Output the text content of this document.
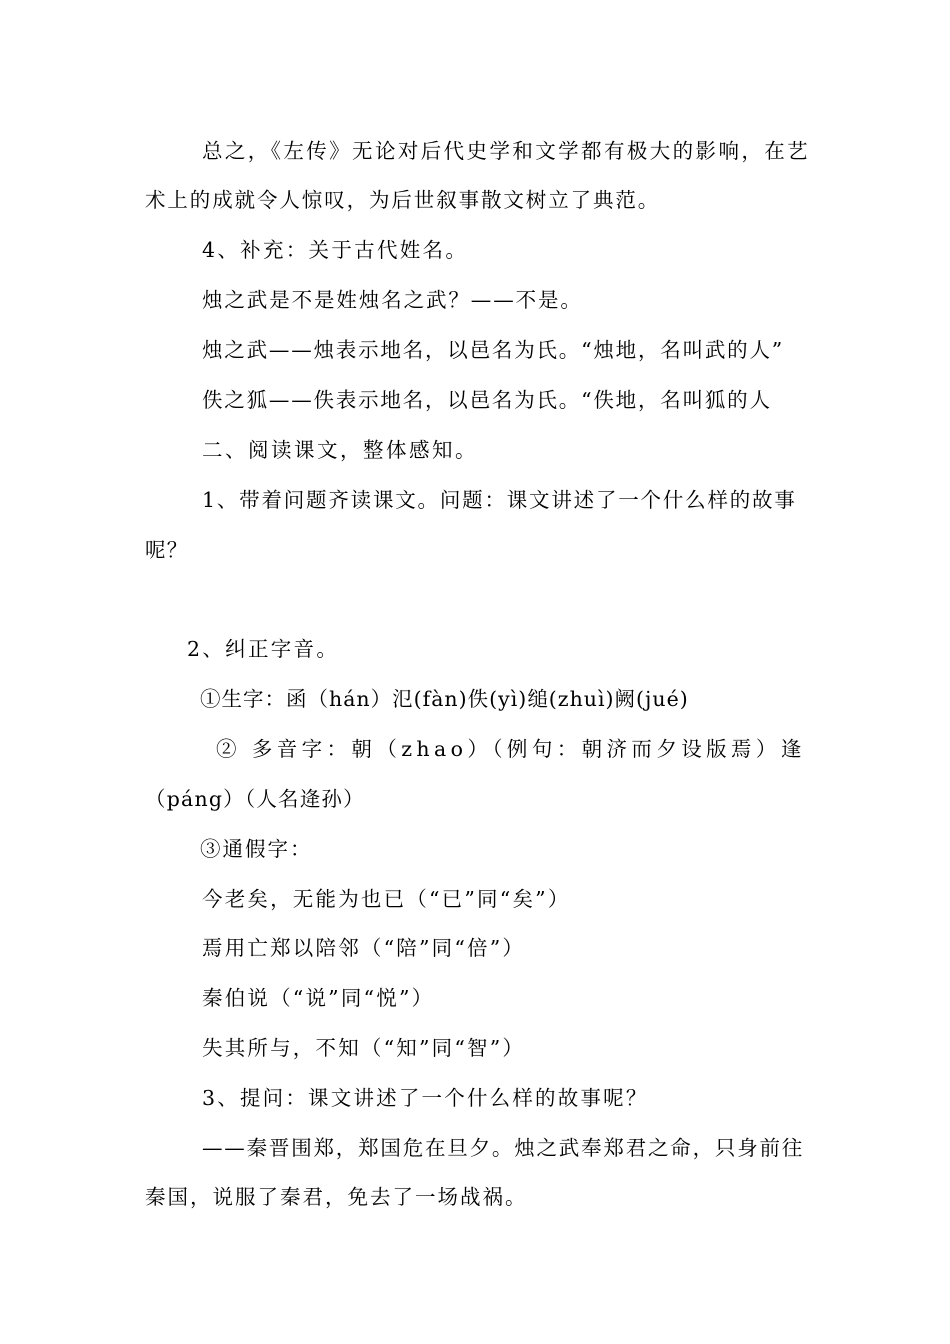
总之，《左传》无论对后代史学和文学都有极大的影响，在艺
术上的成就令人惊叹，为后世叙事散文树立了典范。
4、补充：关于古代姓名。
烛之武是不是姓烛名之武？——不是。
烛之武——烛表示地名，以邑名为氏。“烛地，名叫武的人”
佚之狐——佚表示地名，以邑名为氏。“佚地，名叫狐的人
二、阅读课文，整体感知。
1、带着问题齐读课文。问题：课文讲述了一个什么样的故事
呢？
2、纠正字音。
①生字：函（hán）氾(fàn)佚(yì)缒(zhuì)阙(jué)
② 多音字：朝（zhao）（例句：朝济而夕设版焉）逢
（páng）（人名逄孙）
③通假字：
今老矣，无能为也已（“已”同“矣”）
焉用亡郑以陪邻（“陪”同“倍”）
秦伯说（“说”同“悦”）
失其所与，不知（“知”同“智”）
3、提问：课文讲述了一个什么样的故事呢？
——秦晋围郑，郑国危在旦夕。烛之武奉郑君之命，只身前往
秦国，说服了秦君，免去了一场战祸。
